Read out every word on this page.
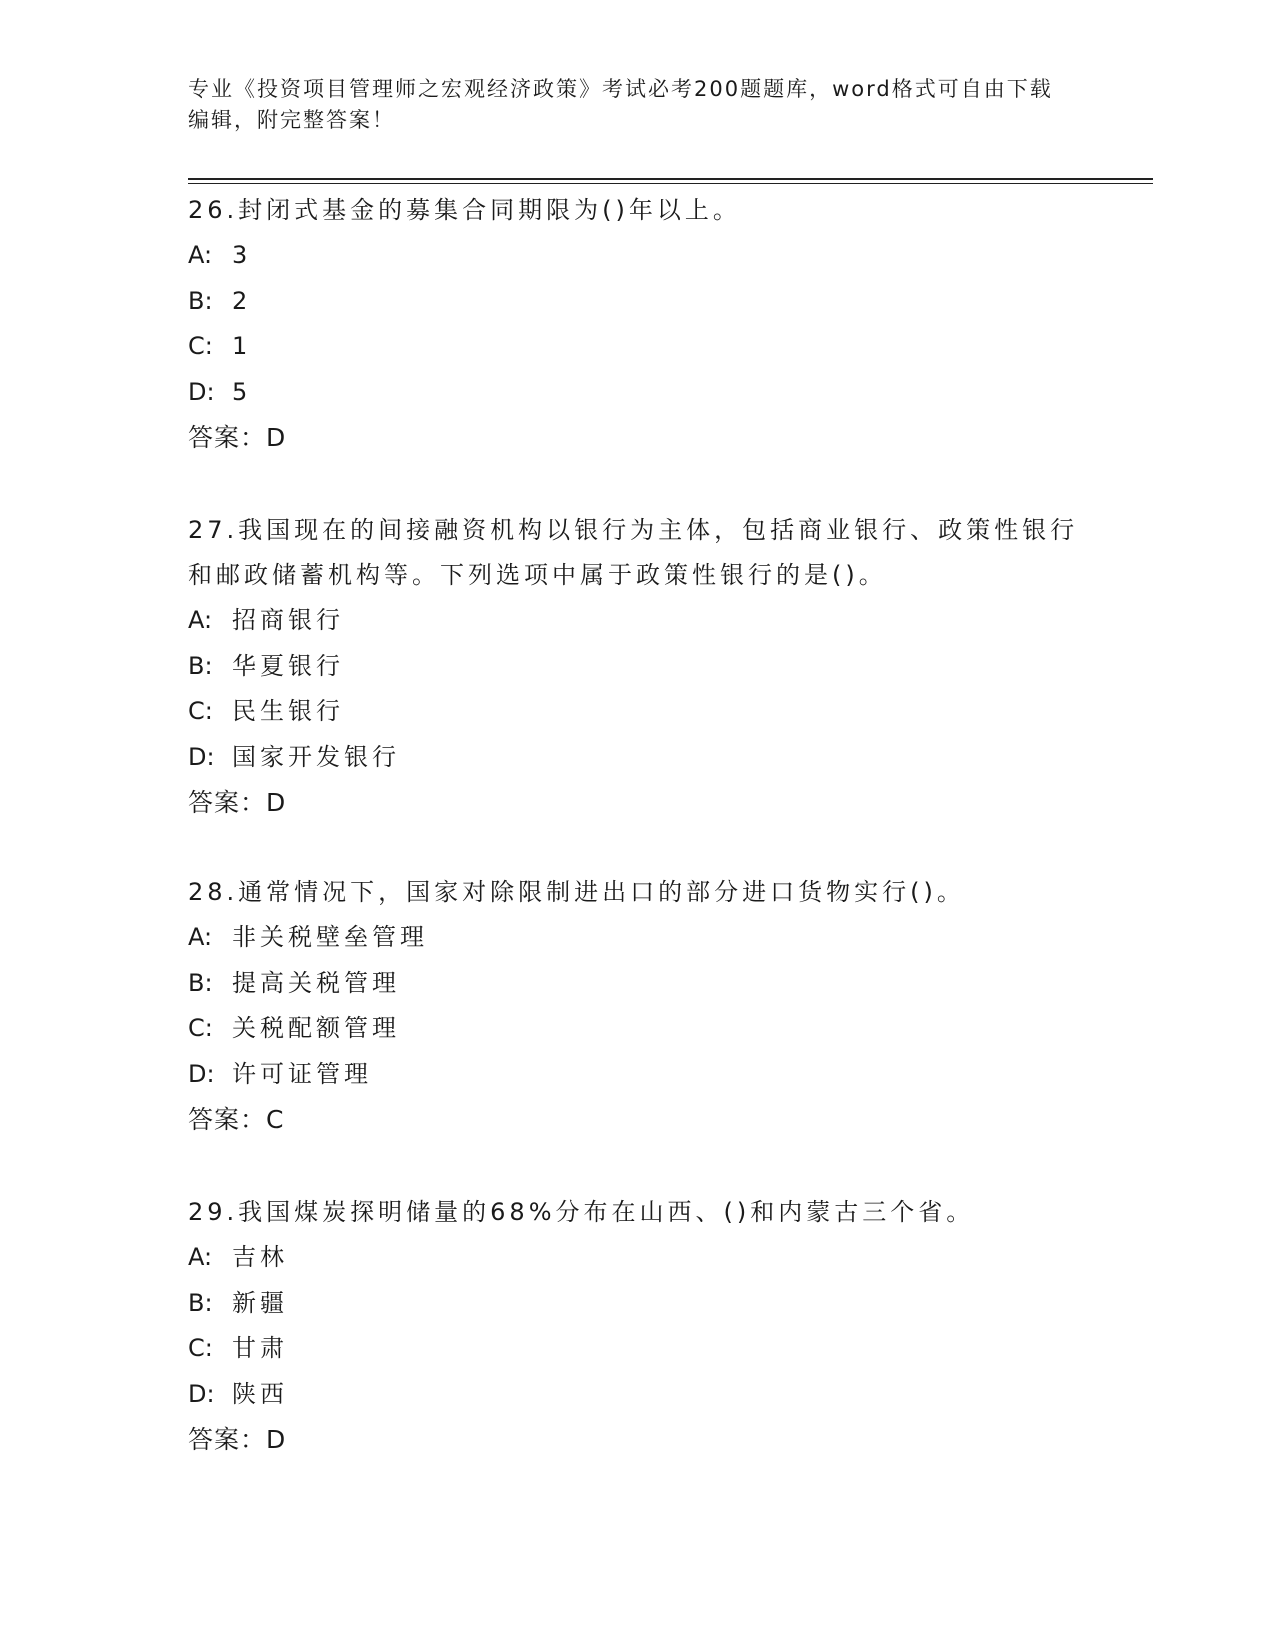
专业《投资项目管理师之宏观经济政策》考试必考200题题库，word格式可自由下载编辑，附完整答案！

26.封闭式基金的募集合同期限为()年以上。

A: 3

B: 2

C: 1

D: 5

答案：D

27.我国现在的间接融资机构以银行为主体，包括商业银行、政策性银行和邮政储蓄机构等。下列选项中属于政策性银行的是()。

A: 招商银行

B: 华夏银行

C: 民生银行

D: 国家开发银行

答案：D

28.通常情况下，国家对除限制进出口的部分进口货物实行()。

A: 非关税壁垒管理

B: 提高关税管理

C: 关税配额管理

D: 许可证管理

答案：C

29.我国煤炭探明储量的68%分布在山西、()和内蒙古三个省。

A: 吉林

B: 新疆

C: 甘肃

D: 陕西

答案：D
